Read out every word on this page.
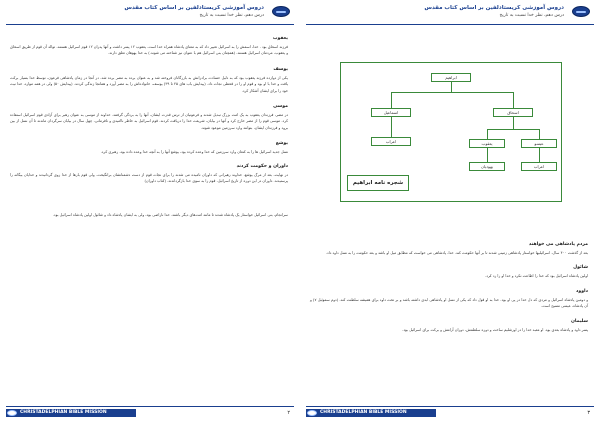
دروس آموزشی کریستادلفین بر اساس کتاب مقدس
درس دهم، نظر خدا نسبت به تاریخ
یعقوب
فرزند اسحاق بود . خدا، اسمش را به اسرائیل تغییر داد که به معنای پادشاه همراه خدا است. یعقوب ۱۲ پسر داشت و آنها پدران ۱۲ قوم اسرائیل هستند. توالد آن قوم از طریق اسحاق و یعقوب، مردمان اسرائیل هستند. (همچنان بنی اسرائیل هم با عنوان نیز شناخته می شوند.) به خدا بهوهان تعلق دارند.
یوسف
یکی از دوازده فرزند یعقوب بود که به دلیل حسادت برادرانش به بازرگانان فروخته شد و به عنوان برده به مصر برده شد. در آنجا در زمان پادشاهی فرعون، توسط خدا بسیار برکت یافت و خدا با او بود و قوم او را در قحطی نجات داد. (پیدایش باب های ۴۵ تا ۳۹) یوسف، خانواده‌اش را به مصر آورد و همانجا زندگی کردند. (پیدایش ۵۰) ولی در همه موارد، خدا نیت خود را برای ایشان آشکار کرد.
موسی
در مصر، فرزندان یعقوب به یک امت بزرگ تبدیل شدند و فرعونیان از ترس قدرت ایشان، آنها را به بردگی گرفتند. خداوند از موسی به عنوان رهبر برای آزادی قوم اسرائیل استفاده کرد. موسی قوم را از مصر خارج کرد و آنها در بیابان، شریعت خدا را دریافت کردند. قوم اسرائیل به خاطر ناامیدی و نافرمانی، چهل سال در بیابان سرگردان ماندند تا آن نسل از بین برود و فرزندان ایشان، بتوانند وارد سرزمین موعود شوند.
یوشع
نسل جدید اسرائیل ها را به کنعان وارد سرزمین که خدا وعده کرده بود، یوشع آنها را به آنچه خدا وعده داده بود، رهبری کرد.
داوران و حکومت کردند
در نهایت، بعد از مرگ یوشع، خداوند رهبرانی که داوران نامیده می شدند را برای نجات قوم از دست دشمنانشان برانگیخت. ولی قوم بارها از خدا روی گردانیدند و خدایان بیگانه را پرستیدند. داوران در این دوره از تاریخ اسرائیل، قوم را به سوی خدا بازگرداندند. (کتاب داوران)
سرانجام، بنی اسرائیل خواستار یک پادشاه شدند تا مانند امت‌های دیگر باشند. خدا ناراضی بود، ولی به ایشان پادشاه داد و شائول اولین پادشاه اسرائیل بود.
CHRISTADELPHIAN BIBLE MISSION	۲
دروس آموزشی کریستادلفین بر اساس کتاب مقدس
درس دهم، نظر خدا نسبت به تاریخ
ابراهیم
اسماعیل	اسحاق
اعراب	یعقوب	عیسو
یهودیان	اعراب
شجره نامه ابراهیم
مردم پادشاهی می خواهند
بعد از گذشت ۴۰۰ سال، اسرائیلیها خواستار پادشاهی زمینی شدند تا بر آنها حکومت کند. خدا، پادشاهی می خواست که مطابق میل او باشد و بعد حکومت را به نسل داود داد.
شائول
اولین پادشاه اسرائیل بود که خدا را اطاعت نکرد و خدا او را رد کرد.
داوود
و دومین پادشاه اسرائیل و مردی که دل خدا در پی او بود. خدا به او قول داد که یکی از نسل او پادشاهی ابدی داشته باشد و بر تخت داود برای همیشه سلطنت کند. (دوم سموئیل ۷) و آن پادشاه، عیسی مسیح است.
سلیمان
پسر داود و پادشاه بعدی بود. او معبد خدا را در اورشلیم ساخت و دوره سلطنتش، دوران آرامش و برکت برای اسرائیل بود.
CHRISTADELPHIAN BIBLE MISSION	۳
